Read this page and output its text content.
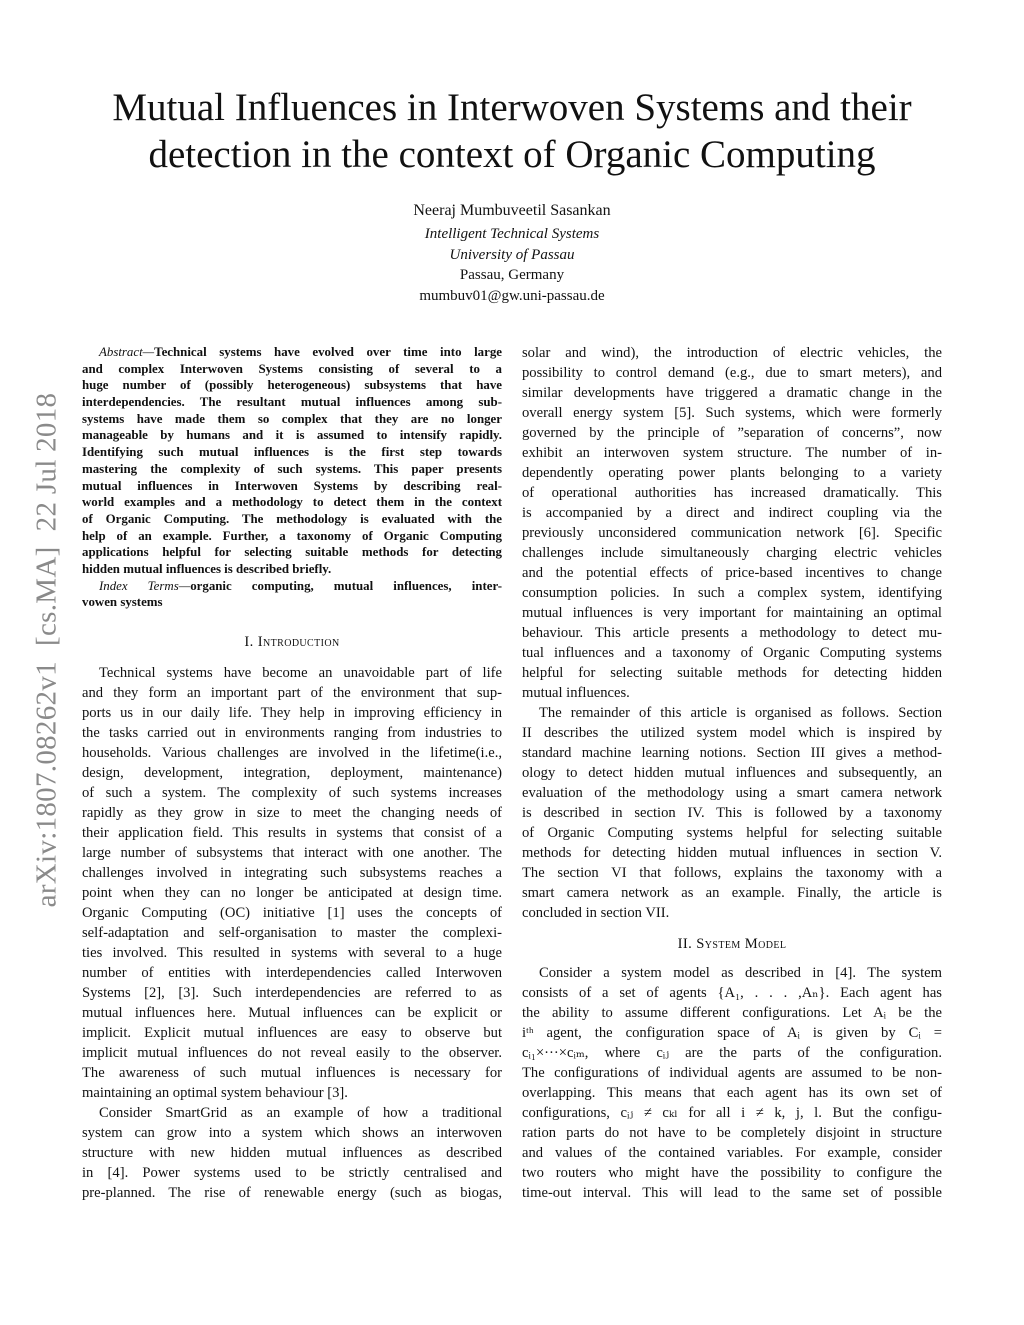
Mutual Influences in Interwoven Systems and their
detection in the context of Organic Computing
Neeraj Mumbuveetil Sasankan
Intelligent Technical Systems
University of Passau
Passau, Germany
mumbuv01@gw.uni-passau.de
arXiv:1807.08262v1  [cs.MA]  22 Jul 2018
Abstract—Technical systems have evolved over time into large
and complex Interwoven Systems consisting of several to a
huge number of (possibly heterogeneous) subsystems that have
interdependencies. The resultant mutual influences among sub-
systems have made them so complex that they are no longer
manageable by humans and it is assumed to intensify rapidly.
Identifying such mutual influences is the first step towards
mastering the complexity of such systems. This paper presents
mutual influences in Interwoven Systems by describing real-
world examples and a methodology to detect them in the context
of Organic Computing. The methodology is evaluated with the
help of an example. Further, a taxonomy of Organic Computing
applications helpful for selecting suitable methods for detecting
hidden mutual influences is described briefly.
Index Terms—organic computing, mutual influences, inter-
vowen systems
I. Introduction
Technical systems have become an unavoidable part of life
and they form an important part of the environment that sup-
ports us in our daily life. They help in improving efficiency in
the tasks carried out in environments ranging from industries to
households. Various challenges are involved in the lifetime(i.e.,
design, development, integration, deployment, maintenance)
of such a system. The complexity of such systems increases
rapidly as they grow in size to meet the changing needs of
their application field. This results in systems that consist of a
large number of subsystems that interact with one another. The
challenges involved in integrating such subsystems reaches a
point when they can no longer be anticipated at design time.
Organic Computing (OC) initiative [1] uses the concepts of
self-adaptation and self-organisation to master the complexi-
ties involved. This resulted in systems with several to a huge
number of entities with interdependencies called Interwoven
Systems [2], [3]. Such interdependencies are referred to as
mutual influences here. Mutual influences can be explicit or
implicit. Explicit mutual influences are easy to observe but
implicit mutual influences do not reveal easily to the observer.
The awareness of such mutual influences is necessary for
maintaining an optimal system behaviour [3].
Consider SmartGrid as an example of how a traditional
system can grow into a system which shows an interwoven
structure with new hidden mutual influences as described
in [4]. Power systems used to be strictly centralised and
pre-planned. The rise of renewable energy (such as biogas,
solar and wind), the introduction of electric vehicles, the
possibility to control demand (e.g., due to smart meters), and
similar developments have triggered a dramatic change in the
overall energy system [5]. Such systems, which were formerly
governed by the principle of ”separation of concerns”, now
exhibit an interwoven system structure. The number of in-
dependently operating power plants belonging to a variety
of operational authorities has increased dramatically. This
is accompanied by a direct and indirect coupling via the
previously unconsidered communication network [6]. Specific
challenges include simultaneously charging electric vehicles
and the potential effects of price-based incentives to change
consumption policies. In such a complex system, identifying
mutual influences is very important for maintaining an optimal
behaviour. This article presents a methodology to detect mu-
tual influences and a taxonomy of Organic Computing systems
helpful for selecting suitable methods for detecting hidden
mutual influences.
The remainder of this article is organised as follows. Section
II describes the utilized system model which is inspired by
standard machine learning notions. Section III gives a method-
ology to detect hidden mutual influences and subsequently, an
evaluation of the methodology using a smart camera network
is described in section IV. This is followed by a taxonomy
of Organic Computing systems helpful for selecting suitable
methods for detecting hidden mutual influences in section V.
The section VI that follows, explains the taxonomy with a
smart camera network as an example. Finally, the article is
concluded in section VII.
II. System Model
Consider a system model as described in [4]. The system
consists of a set of agents {A₁, . . . ,Aₙ}. Each agent has
the ability to assume different configurations. Let Aᵢ be the
iᵗʰ agent, the configuration space of Aᵢ is given by Cᵢ =
cᵢ₁×···×cᵢₘ, where cᵢⱼ are the parts of the configuration.
The configurations of individual agents are assumed to be non-
overlapping. This means that each agent has its own set of
configurations, cᵢⱼ ≠ cₖₗ for all i ≠ k, j, l. But the configu-
ration parts do not have to be completely disjoint in structure
and values of the contained variables. For example, consider
two routers who might have the possibility to configure the
time-out interval. This will lead to the same set of possible
